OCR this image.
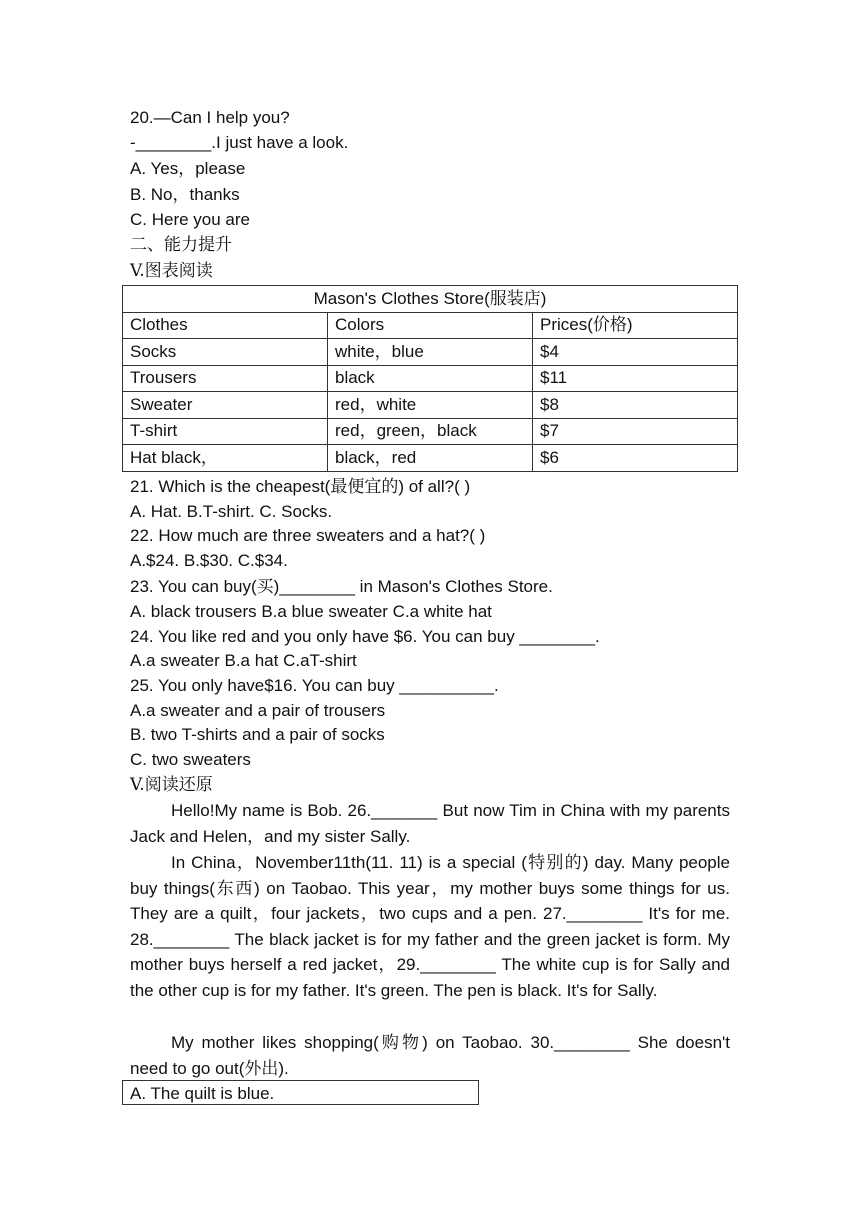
20.—Can I help you?
-________.I just have a look.
A. Yes，please
B. No，thanks
C. Here you are
二、能力提升
V.图表阅读
Mason's Clothes Store(服装店)		
Clothes	Colors	Prices(价格)
Socks	white，blue	$4
Trousers	black	$11
Sweater	red，white	$8
T-shirt	red，green，black	$7
Hat black，	black，red	$6
21. Which is the cheapest(最便宜的) of all?( )
A. Hat. B.T-shirt. C. Socks.
22. How much are three sweaters and a hat?( )
A.$24. B.$30. C.$34.
23. You can buy(买)________ in Mason's Clothes Store.
A. black trousers B.a blue sweater C.a white hat
24. You like red and you only have $6. You can buy ________.
A.a sweater B.a hat C.aT-shirt
25. You only have$16. You can buy __________.
A.a sweater and a pair of trousers
B. two T-shirts and a pair of socks
C. two sweaters
V.阅读还原

Hello!My name is Bob. 26._______ But now Tim in China with my parents Jack and Helen，and my sister Sally.

In China，November11th(11. 11) is a special (特别的) day. Many people buy things(东西) on Taobao. This year，my mother buys some things for us. They are a quilt，four jackets，two cups and a pen. 27.________ It's for me. 28.________ The black jacket is for my father and the green jacket is form. My mother buys herself a red jacket，29.________ The white cup is for Sally and the other cup is for my father. It's green. The pen is black. It's for Sally.

My mother likes shopping(购物) on Taobao. 30.________ She doesn't need to go out(外出).

A. The quilt is blue.
